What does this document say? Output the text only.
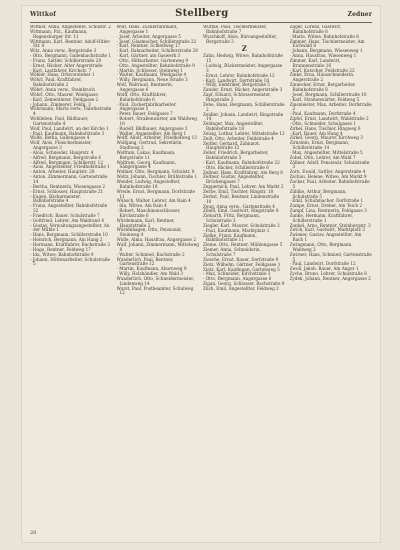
Wittkof	Stellberg	Zedner
Wittkof, Anna, Angestellte, Schulstr. 2
Wittmann, Frz., Kaufmann, Regensburger Str. 11
Wittmann, Karl, Rentner, Adolf-Hitler-Str. 8
Witz, Anna verw., Bergstraße 3
- Otto, Bergmann, Gallenbachstraße 1
- Franz, Sattler, Schillerstraße 20
- Ernst, Bäcker, Alter Angerstraße
- Karl, Lastfahrer, Kirchstr. 7
Wöhler, Hans, Ortsvorsteher 1
Wöhrl, Paul, Kraftfahrer, Bahnhofstraße 2
Wöhrl, Anna verw., Steinbruch
Wöhrl, Otto, Maurer, Weidgasse
- Karl, Zementierer, Feldgasse 2
- Johann, Zimmerer, Feldg. 3
Wöhrmann, Marta verw., Fabrikstraße 4
Wohlleben, Paul, Bildhauer, Gartenstraße 4
Wolf, Paul, Landwirt, an der Kirche 1
- Paul, Kaufmann, Bahnhofstraße 3
Wolfe, Betha, Gallengasse 4
Wolf, Alois, Fleischermeister, Angergasse 3
- Alois, Schneider, Hauptstr. 4
- Alfred, Bergmann, Bergstraße 6
- Alfred, Bergmann, Schillerstr. 12
- Alois, Angestellter, Friedhofstraße 1
- Anton, Arbeiter, Hauptstr. 28
- Anton, Zimmermann, Gartenstraße 14
- Bertha, Rentnerin, Wiesengasse 2
- Ernst, Schlosser, Hauptstraße 21
- Eugen, Bäckermeister, Bahnhofstraße 4
- Franz, Angestellter, Bahnhofstraße 32
- Friedrich, Bauer, Schulstraße 7
- Gottfried, Lehrer, Am Waldrand 4
- Gustav, Verwaltungsangestellter, An der Mühle 1
- Hans, Bergmann, Schillerstraße 10
- Heinrich, Bergmann, Am Hang 2
- Hermann, Kraftfahrer, Bachstraße 3
- Hugo, Rentner, Feldweg 17
- Ida, Witwe, Bahnhofstraße 9
- Johann, Hüttenarbeiter, Schulstraße 5
Wolf, Hans, Zuckerfabrikant, Angergasse 1
- Josef, Arbeiter, Angergasse 5
- Josef, Glasmacher, Schillerstraße 22
- Karl, Rentner, Schleifweg 17
- Karl, Bahnarbeiter, Schillerstraße 28
- Karl, Gärtner, am Gaswerk 3
- Otto, Hilfsarbeiter, Gartenweg 9
- Otto, Angestellter, Bahnhofstraße 9
- Martin, Schlosser, Steinweg 1
- Walter, Kaufmann, Weidgasse 4
- Willy, Bergmann, Neue Straße 3
Wolf, Waltraud, Rentnerin, Angergasse 6
Wolff, Otto, Kraftfahrer, Bahnhofstraße 6
- Paul, Zuckerfabrikarbeiter, Angergasse 5
- Peter, Bauer, Feldgasse 7
- Robert, Straßenwärter, am Waldweg 18
- Rudolf, Bildhauer, Angergasse 3
- Walter, Angestellter, Am Berg 1
Wolff, Adolf, Arbeiter, Friedhofweg 13
Wolfgang, Gertrud, Sekretärin, Stadtweg 2
Wolfram, Lukas, Kaufmann, Bergstraße 11
Wolfrum, Georg, Kaufmann, Sängergasse 4
Wollner, Otto, Bergmann, Schulstr. 8
Woltz, Johann, Tischler, Brühlstraße 1
Wonder, Ludwig, Angestellter, Bahnhofstraße 18
Wrede, Ernst, Bergmann, Dorfstraße 11
Wünsch, Walter, Lehrer, Am Rain 4
- Ida, Witwe, Am Rain 4
- Robert, Maschinenschlosser, Kirchstraße 6
Würdemann, Karl, Rentner, Hauptstraße 2
Wüstenhagen, Otto, Pensionär, Steinweg 4
Wulle, Alma, Hausfrau, Angergasse 2
Wulf, Johann, Zimmermann, Mittelweg 8
- Walter, Schmied, Bachstraße 2
Wunderlich, Paul, Rentner, Gartenstraße 12
- Martin, Kaufmann, Ahornweg 9
- Willy, Holzhändler, Am Wald 3
Wunderlich, Otto, Schneidermeister, Lindenweg 14
Wurst, Paul, Postbeamter, Schulweg 12
Wuttke, Paul, Tischlermeister, Bahnhofstraße 7
Wyschkoff, Alois, Büroangestellter, Bergstraße 3
Z
Zahn, Hedwig, Witwe, Bahnhofstraße 15
- Ludwig, Bäckermeister, Angergasse 3
- Ernst, Lehrer, Bahnhofstraße 12
- Karl, Landwirt, Dorfstraße 18
- Willy, Elektriker, Bergstraße 5
Zander, Ernst, Bäcker, Angerstraße 3
Zapf, Eduard, Schlossermeister, Ringstraße 2
Zehe, Hans, Bergmann, Schillerstraße 2
Zeidler, Johann, Landwirt, Ringstraße 14
Zeilinger, Max, Angestellter, Bahnhofstraße 18
Zeisig, Lothar, Lehrer, Mittelstraße 12
Zeiß, Otto, Arbeiter, Feldstraße 4
Zeitler, Gerhard, Zahnarzt, Hauptstraße 12
Zeller, Friedrich, Bergarbeiter, Bahnhofstraße 5
- Karl, Kaufmann, Bahnhofstraße 22
- Otto, Bäcker, Schillerstraße 6
Zellner, Hans, Kraftfahrer, Am Berg 8
Zeltner, Gustav, Angestellter, Brückengasse 7
Zeppernick, Paul, Lehrer, Am Markt 2
Zerbe, Emil, Tischler, Ringstr. 18
Zerbst, Paul, Rentner, Lindenstraße 10
Zeug, Anna verw., Gartenstraße 4
Zibell, Emil, Gastwirt, Ringstraße 8
Ziebarth, Fritz, Bergmann, Schulstraße 3
Ziegler, Karl, Maurer, Schulstraße 2
- Paul, Kaufmann, Marktplatz 1
Zielke, Franz, Kaufmann, Bahnhofstraße 11
Zieme, Otto, Rentner, Mühlengasse 5
Ziemer, Anna, Schneiderin, Schulstraße 7
Ziesche, Ernst, Bauer, Dorfstraße 9
Zietz, Wilhelm, Gärtner, Feldgasse 1
Zietz, Karl, Kaufmann, Gartenweg 5
- Max, Schneider, Kirchstraße 3
- Otto, Bergmann, Angergasse 6
Zigan, Georg, Schlosser, Bachstraße 9
Zilch, Emil, Angestellter, Feldweg 2
Zilger, Lorenz, Gastwirt, Bahnhofstraße 8
- Marie, Witwe, Bahnhofstraße 8
Zimmer, Hans, Tischlermeister, Am Eichwald 8
- Johann, Bergmann, Wiesenweg 1
- Anna, Hausfrau, Wiesenweg 1
Zimmer, Karl, Landwirt, Brunnenstraße 16
- Karl, Kutscher, Feldstraße 22
Zinke, Erna, Hausschneiderin, Angerstraße 2
Zinnecker, Ernst, Bergarbeiter, Bahnhofstraße 8
- Josef, Bergmann, Schillerstraße 10
- Karl, Straßenwärter, Feldweg 5
Zinsmeister, Max, Arbeiter, Dorfstraße 2
- Paul, Kaufmann, Dorfstraße 4
Zipfel, Ernst, Landwirt, Waldstraße 2
- Otto, Schneider, Schulgasse 1
Zirbel, Hans, Tischler, Ringweg 6
- Karl, Bauer, Am Hang 4
Zirkel, Georg, Maurer, Kirchweg 3
Zirnstein, Ernst, Bergmann, Schillerstraße 14
- Max, Angestellter, Mittelstraße 5
Zobel, Otto, Lehrer, Am Wald 7
Zöllner, Adolf, Pensionär, Schulstraße 3
Zorn, Ewald, Sattler, Angerstraße 4
Zschau, Helene, Witwe, Am Markt 9
Zucker, Paul, Arbeiter, Bahnhofstraße 5
Zühlke, Arthur, Bergmann, Schulstraße 5
- Emil, Schuhmacher, Dorfstraße 1
Zumpe, Ernst, Dreher, Am Teich 2
Zumpf, Lina, Rentnerin, Feldgasse 3
Zunke, Hermann, Kraftfahrer, Schillerstraße 1
Zunkel, Arno, Rentner, Steinbergstr. 3
Zwick, Karl, Gastwirt, Marktplatz 3
Zwiener, Gustav, Angestellter, Am Bach 1
Zwingmann, Otto, Bergmann, Waldweg 2
Zwirner, Hans, Schmied, Gartenstraße 5
- Paul, Landwirt, Dorfstraße 12
Zwoll, Jakob, Bauer, Am Anger 1
Zyche, Bruno, Lehrer, Schulstraße 8
Zydek, Johann, Rentner, Angergasse 2
28
